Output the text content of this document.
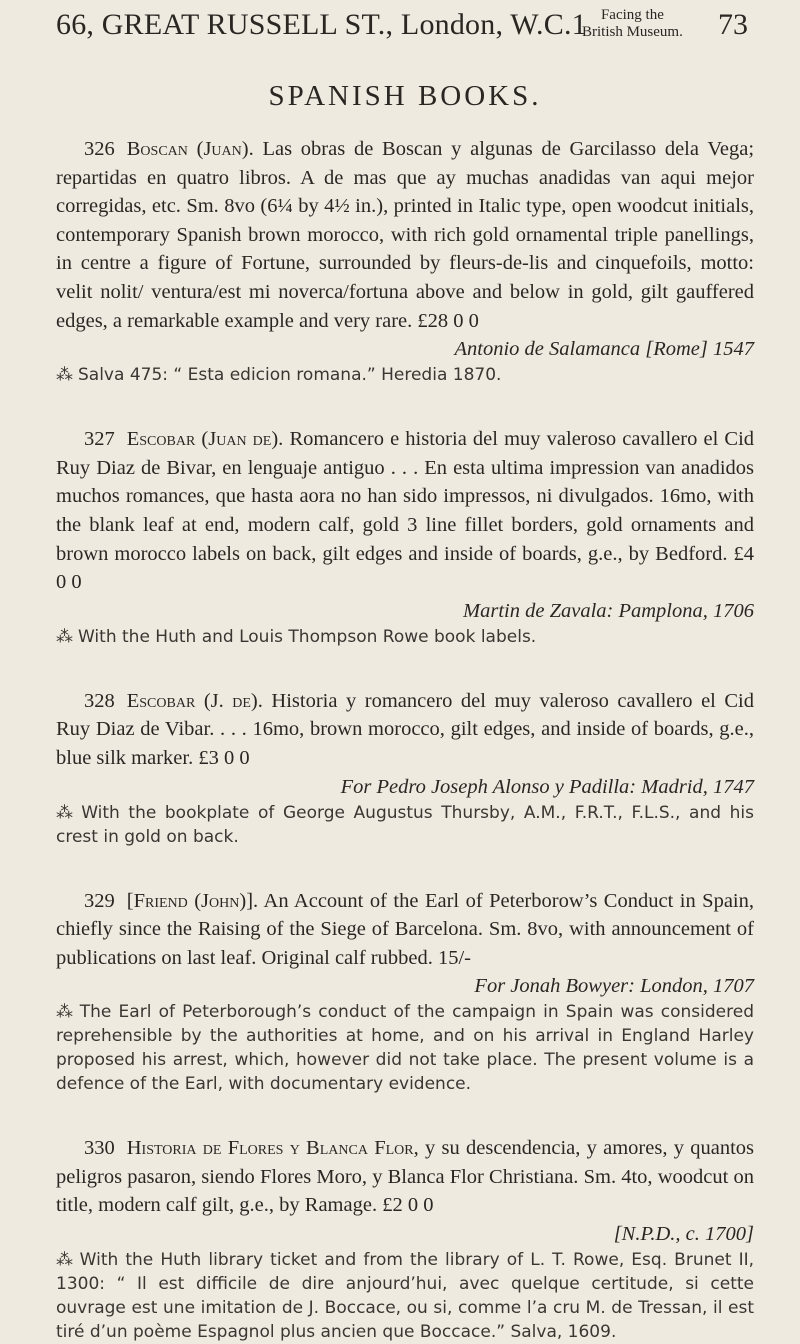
66, GREAT RUSSELL ST., London, W.C.1 Facing the
British Museum. 73
SPANISH BOOKS.

326 Boscan (Juan). Las obras de Boscan y algunas de Garcilasso dela Vega; repartidas en quatro libros. A de mas que ay muchas anadidas van aqui mejor corregidas, etc. Sm. 8vo (6¼ by 4½ in.), printed in Italic type, open woodcut initials, contemporary Spanish brown morocco, with rich gold ornamental triple panellings, in centre a figure of Fortune, surrounded by fleurs-de-lis and cinquefoils, motto: velit nolit/ ventura/est mi noverca/fortuna above and below in gold, gilt gauffered edges, a remarkable example and very rare. £28 0 0

Antonio de Salamanca [Rome] 1547

⁂ Salva 475: “ Esta edicion romana.” Heredia 1870.

327 Escobar (Juan de). Romancero e historia del muy valeroso cavallero el Cid Ruy Diaz de Bivar, en lenguaje antiguo . . . En esta ultima impression van anadidos muchos romances, que hasta aora no han sido impressos, ni divulgados. 16mo, with the blank leaf at end, modern calf, gold 3 line fillet borders, gold ornaments and brown morocco labels on back, gilt edges and inside of boards, g.e., by Bedford. £4 0 0

Martin de Zavala: Pamplona, 1706

⁂ With the Huth and Louis Thompson Rowe book labels.

328 Escobar (J. de). Historia y romancero del muy valeroso cavallero el Cid Ruy Diaz de Vibar. . . . 16mo, brown morocco, gilt edges, and inside of boards, g.e., blue silk marker. £3 0 0

For Pedro Joseph Alonso y Padilla: Madrid, 1747

⁂ With the bookplate of George Augustus Thursby, A.M., F.R.T., F.L.S., and his crest in gold on back.

329 [Friend (John)]. An Account of the Earl of Peterborow’s Conduct in Spain, chiefly since the Raising of the Siege of Barcelona. Sm. 8vo, with announcement of publications on last leaf. Original calf rubbed. 15/-

For Jonah Bowyer: London, 1707

⁂ The Earl of Peterborough’s conduct of the campaign in Spain was considered reprehensible by the authorities at home, and on his arrival in England Harley proposed his arrest, which, however did not take place. The present volume is a defence of the Earl, with documentary evidence.

330 Historia de Flores y Blanca Flor, y su descendencia, y amores, y quantos peligros pasaron, siendo Flores Moro, y Blanca Flor Christiana. Sm. 4to, woodcut on title, modern calf gilt, g.e., by Ramage. £2 0 0

[N.P.D., c. 1700]

⁂ With the Huth library ticket and from the library of L. T. Rowe, Esq. Brunet II, 1300: “ Il est difficile de dire anjourd’hui, avec quelque certitude, si cette ouvrage est une imitation de J. Boccace, ou si, comme l’a cru M. de Tressan, il est tiré d’un poème Espagnol plus ancien que Boccace.” Salva, 1609.
